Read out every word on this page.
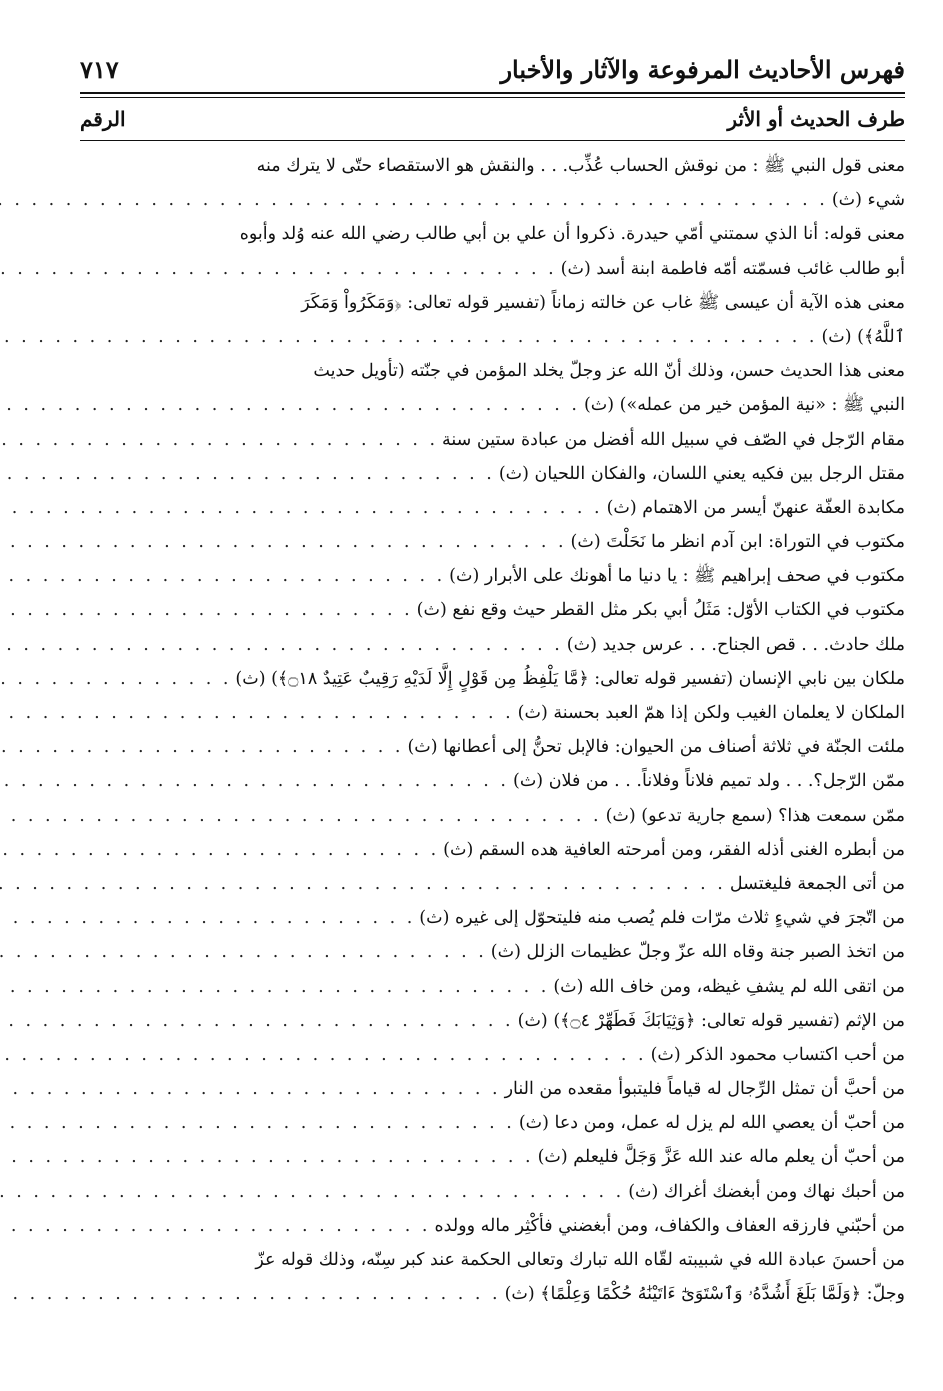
فهرس الأحاديث المرفوعة والآثار والأخبار
٧١٧
طرف الحديث أو الأثر
الرقم
معنى قول النبي ﷺ : من نوقش الحساب عُذِّب. . . والنقش هو الاستقصاء حتّى لا يترك منه
شيء (ث)
. . .
معنى قوله: أنا الذي سمتني أمّي حيدرة. ذكروا أن علي بن أبي طالب رضي الله عنه وُلد وأبوه
أبو طالب غائب فسمّته أمّه فاطمة ابنة أسد (ث)
. . .
معنى هذه الآية أن عيسى ﷺ غاب عن خالته زماناً (تفسير قوله تعالى: ﴿وَمَكَرُواْ وَمَكَرَ
ٱللَّهُ﴾) (ث)
. . .
معنى هذا الحديث حسن، وذلك أنّ الله عز وجلّ يخلد المؤمن في جنّته (تأويل حديث
النبي ﷺ : «نية المؤمن خير من عمله») (ث)
. . .
مقام الرّجل في الصّف في سبيل الله أفضل من عبادة ستين سنة
. . .
مقتل الرجل بين فكيه يعني اللسان، والفكان اللحيان (ث)
. . .
مكابدة العفّة عنهنّ أيسر من الاهتمام (ث)
. . .
مكتوب في التوراة: ابن آدم انظر ما نَحَلْتَ (ث)
. . .
مكتوب في صحف إبراهيم ﷺ : يا دنيا ما أهونك على الأبرار (ث)
. . .
مكتوب في الكتاب الأوّل: مَثَلُ أبي بكر مثل القطر حيث وقع نفع (ث)
. . .
ملك حادث. . . قص الجناح. . . عرس جديد (ث)
. . .
ملكان بين نابي الإنسان (تفسير قوله تعالى: ﴿مَّا يَلْفِظُ مِن قَوْلٍ إِلَّا لَدَيْهِ رَقِيبٌ عَتِيدٌ ۝١٨﴾) (ث)
. . .
الملكان لا يعلمان الغيب ولكن إذا همّ العبد بحسنة (ث)
. . .
ملئت الجنّة في ثلاثة أصناف من الحيوان: فالإبل تحنُّ إلى أعطانها (ث)
. . .
ممّن الرّجل؟. . . ولد تميم فلاناً وفلاناً. . . من فلان (ث)
. . .
ممّن سمعت هذا؟ (سمع جارية تدعو) (ث)
. . .
من أبطره الغنى أذله الفقر، ومن أمرحته العافية هده السقم (ث)
. . .
من أتى الجمعة فليغتسل
. . .
من اتّجرَ في شيءٍ ثلاث مرّات فلم يُصب منه فليتحوّل إلى غيره (ث)
. . .
من اتخذ الصبر جنة وقاه الله عزّ وجلّ عظيمات الزلل (ث)
. . .
من اتقى الله لم يشفِ غيظه، ومن خاف الله (ث)
. . .
من الإثم (تفسير قوله تعالى: ﴿وَثِيَابَكَ فَطَهِّرْ ۝٤﴾) (ث)
. . .
من أحب اكتساب محمود الذكر (ث)
. . .
من أحبَّ أن تمثل الرِّجال له قياماً فليتبوأ مقعده من النار
. . .
من أحبّ أن يعصي الله لم يزل له عمل، ومن دعا (ث)
. . .
من أحبّ أن يعلم ماله عند الله عَزَّ وَجَلَّ فليعلم (ث)
. . .
من أحبك نهاك ومن أبغضك أغراك (ث)
. . .
من أحبّني فارزقه العفاف والكفاف، ومن أبغضني فأكْثِر ماله وولده
. . .
من أحسنَ عبادة الله في شبيبته لقّاه الله تبارك وتعالى الحكمة عند كبر سِنّه، وذلك قوله عزّ
وجلّ: ﴿وَلَمَّا بَلَغَ أَشُدَّهُۥ وَٱسْتَوَىٰٓ ءَاتَيْنَٰهُ حُكْمًا وَعِلْمًا﴾ (ث)
. . .
